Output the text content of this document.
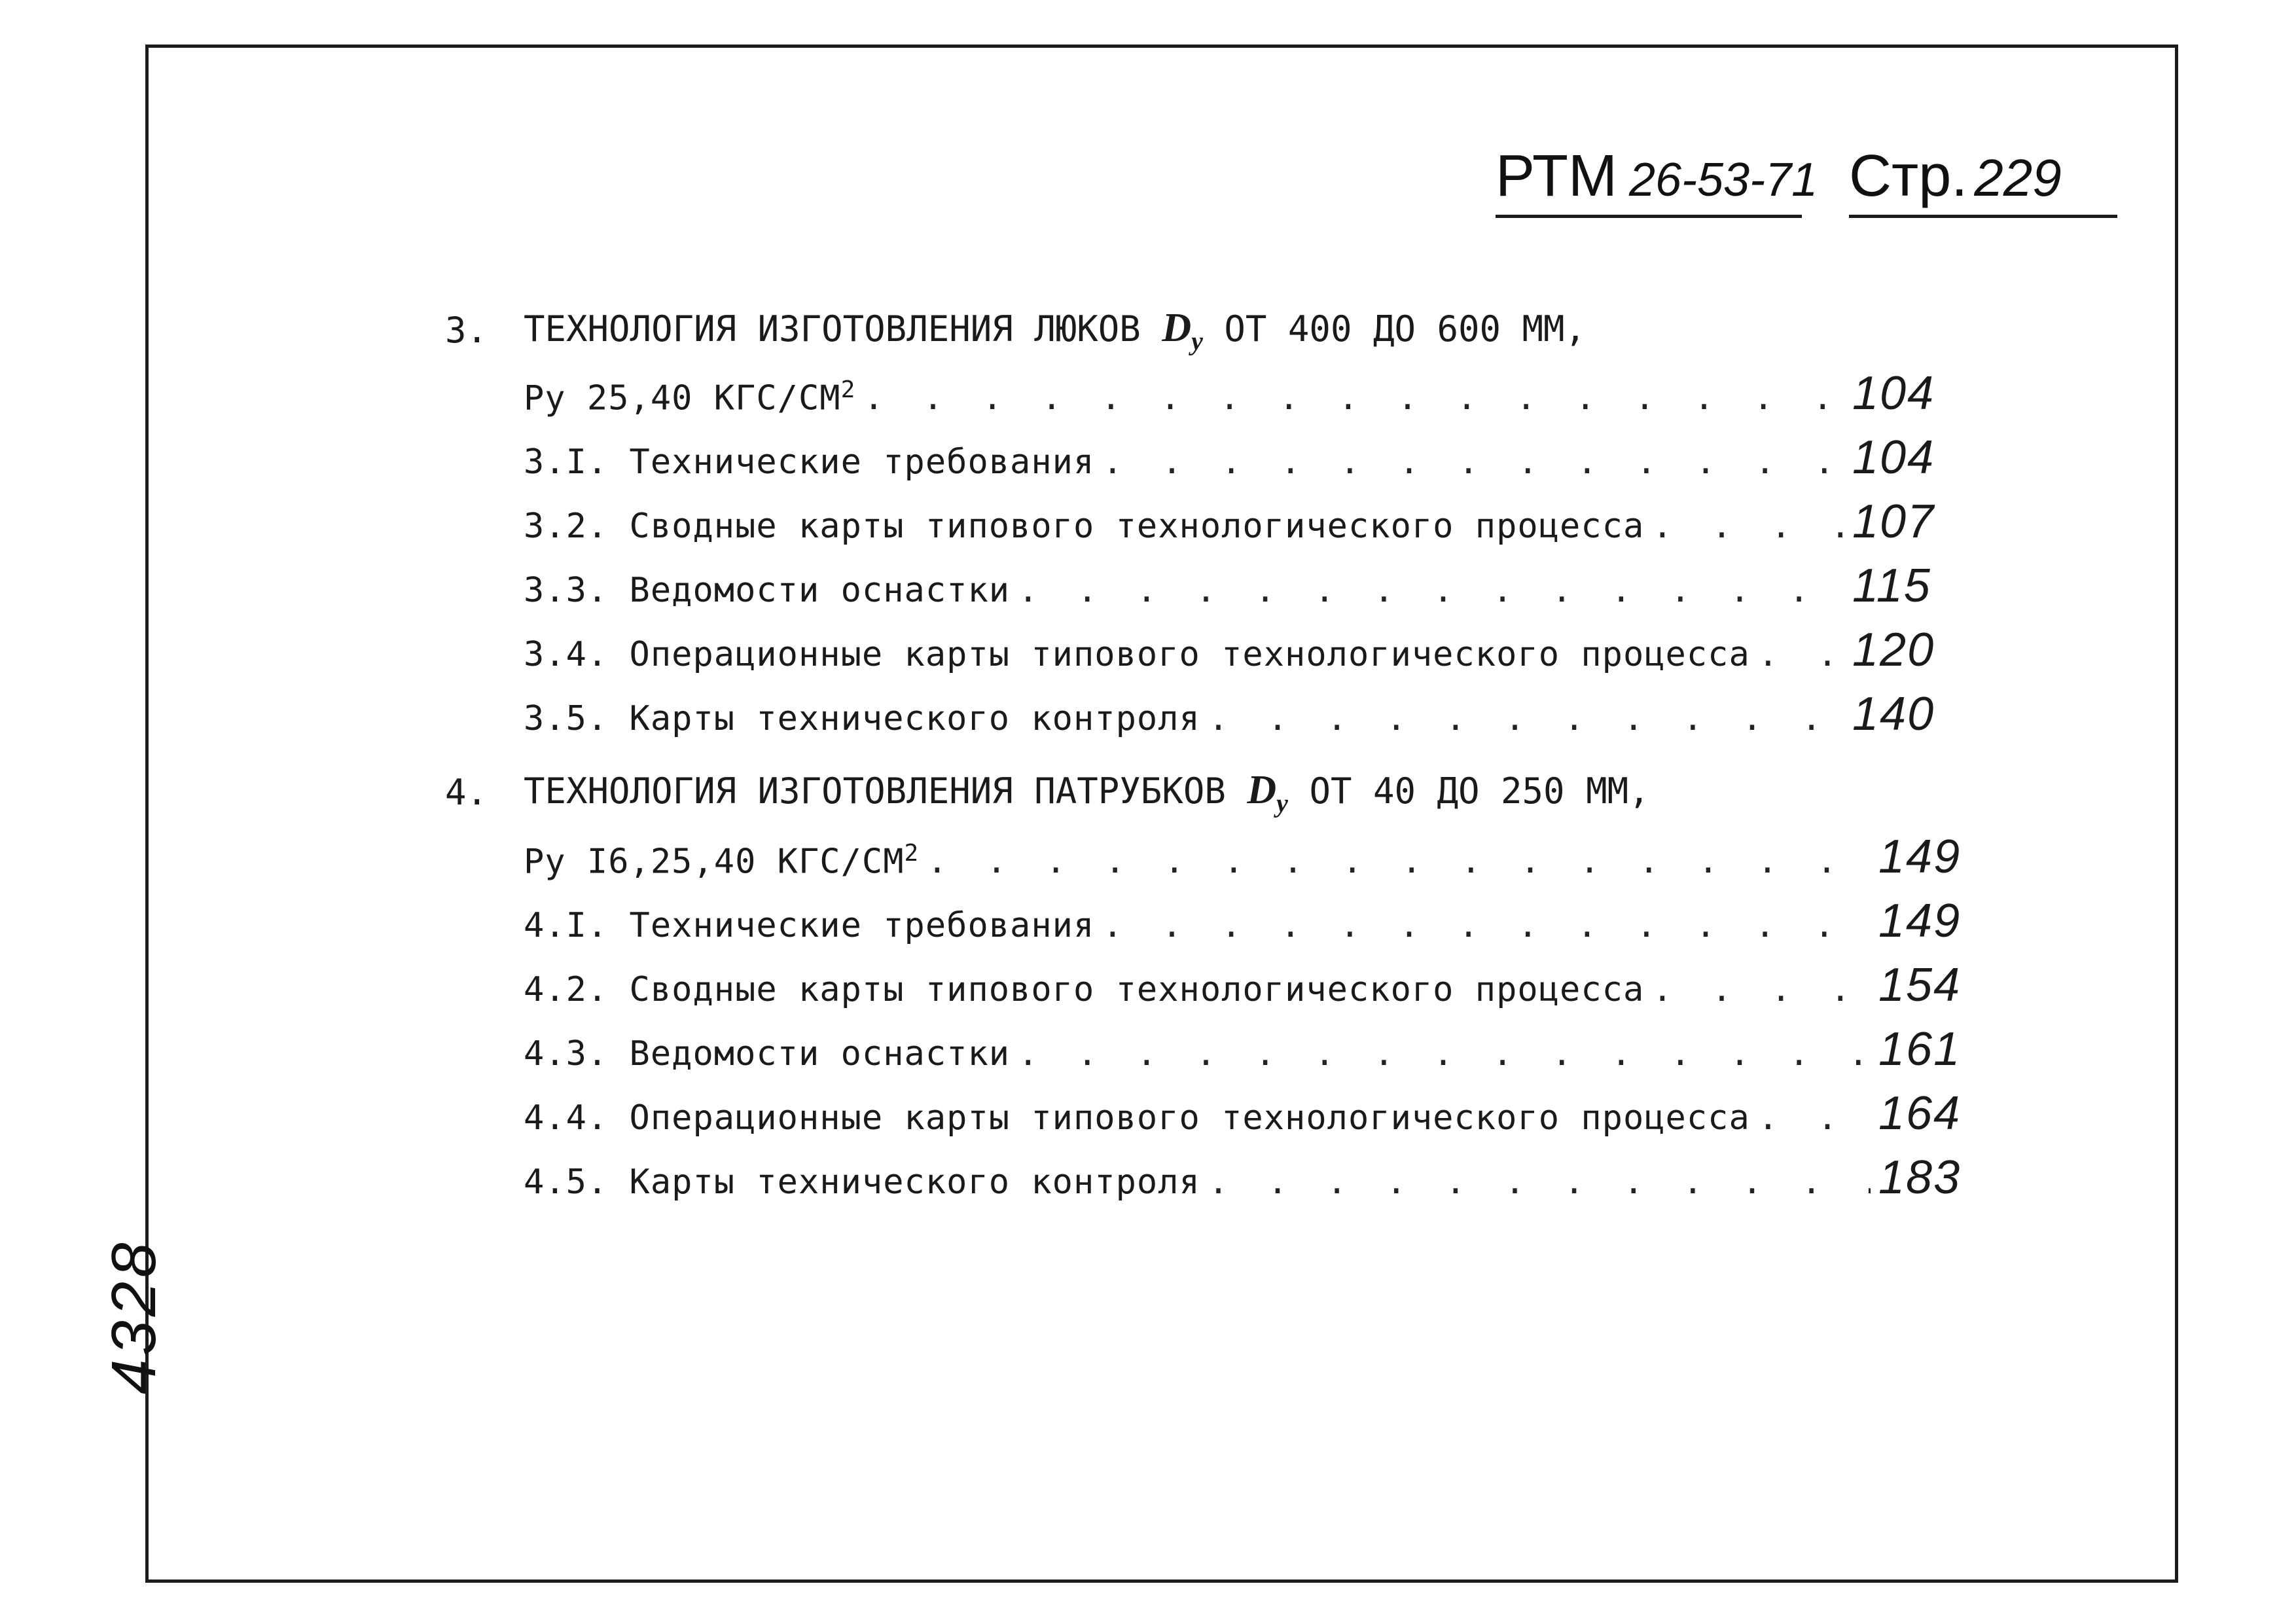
РТМ 26-53-71 Стр. 229
3. ТЕХНОЛОГИЯ ИЗГОТОВЛЕНИЯ ЛЮКОВ $D_у$ ОТ 400 ДО 600 ММ,
Ру 25,40 КГС/$СМ^2$ . . .	104
3.I. Технические требования . . .	104
3.2. Сводные карты типового технологического процесса . . .	107
3.3. Ведомости оснастки . . .	115
3.4. Операционные карты типового технологического процесса . . . 120
3.5. Карты технического контроля . . .	140
4. ТЕХНОЛОГИЯ ИЗГОТОВЛЕНИЯ ПАТРУБКОВ $D_у$ ОТ 40 ДО 250 ММ,
Ру I6,25,40 КГС/$СМ^2$ . . .	149
4.I. Технические требования . . .	149
4.2. Сводные карты типового технологического процесса . . .	154
4.3. Ведомости оснастки . . .	161
4.4. Операционные карты типового технологического процесса . . .	164
4.5. Карты технического контроля . . .	183
4328
